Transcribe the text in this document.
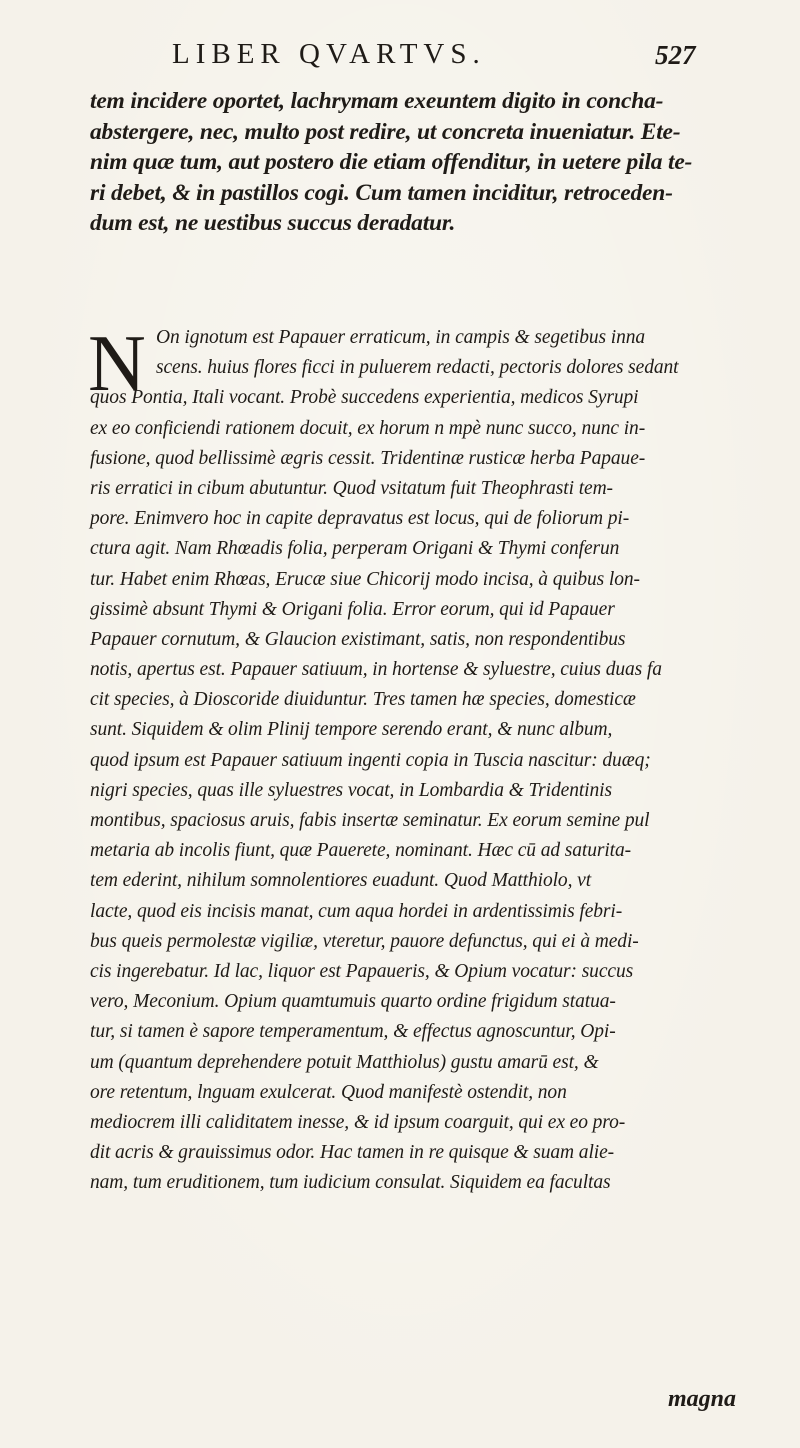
LIBER QVARTVS.	527
tem incidere oportet, lachrymam exeuntem digito in concha-
abstergere, nec, multo post redire, ut concreta inueniatur. Ete-
nim quæ tum, aut postero die etiam offenditur, in uetere pila te-
ri debet, & in pastillos cogi. Cum tamen inciditur, retroceden-
dum est, ne uestibus succus deradatur.
N On ignotum est Papauer erraticum, in campis & segetibus inna
scens. huius flores ficci in puluerem redacti, pectoris dolores sedant
quos Pontia, Itali vocant. Probè succedens experientia, medicos Syrupi
ex eo conficiendi rationem docuit, ex horum n mpè nunc succo, nunc in-
fusione, quod bellissimè ægris cessit. Tridentinæ rusticæ herba Papaue-
ris erratici in cibum abutuntur. Quod vsitatum fuit Theophrasti tem-
pore. Enimvero hoc in capite depravatus est locus, qui de foliorum pi-
ctura agit. Nam Rhœadis folia, perperam Origani & Thymi conferun
tur. Habet enim Rhœas, Erucæ siue Chicorij modo incisa, à quibus lon-
gissimè absunt Thymi & Origani folia. Error eorum, qui id Papauer
Papauer cornutum, & Glaucion existimant, satis, non respondentibus
notis, apertus est. Papauer satiuum, in hortense & syluestre, cuius duas fa
cit species, à Dioscoride diuiduntur. Tres tamen hæ species, domesticæ
sunt. Siquidem & olim Plinij tempore serendo erant, & nunc album,
quod ipsum est Papauer satiuum ingenti copia in Tuscia nascitur: duæq;
nigri species, quas ille syluestres vocat, in Lombardia & Tridentinis
montibus, spaciosus aruis, fabis insertæ seminatur. Ex eorum semine pul
metaria ab incolis fiunt, quæ Pauerete, nominant. Hæc cū ad saturita-
tem ederint, nihilum somnolentiores euadunt. Quod Matthiolo, vt
lacte, quod eis incisis manat, cum aqua hordei in ardentissimis febri-
bus queis permolestæ vigiliæ, vteretur, pauore defunctus, qui ei à medi-
cis ingerebatur. Id lac, liquor est Papaueris, & Opium vocatur: succus
vero, Meconium. Opium quamtumuis quarto ordine frigidum statua-
tur, si tamen è sapore temperamentum, & effectus agnoscuntur, Opi-
um (quantum deprehendere potuit Matthiolus) gustu amarū est, &
ore retentum, lnguam exulcerat. Quod manifestè ostendit, non
mediocrem illi caliditatem inesse, & id ipsum coarguit, qui ex eo pro-
dit acris & grauissimus odor. Hac tamen in re quisque & suam alie-
nam, tum eruditionem, tum iudicium consulat. Siquidem ea facultas
magna
